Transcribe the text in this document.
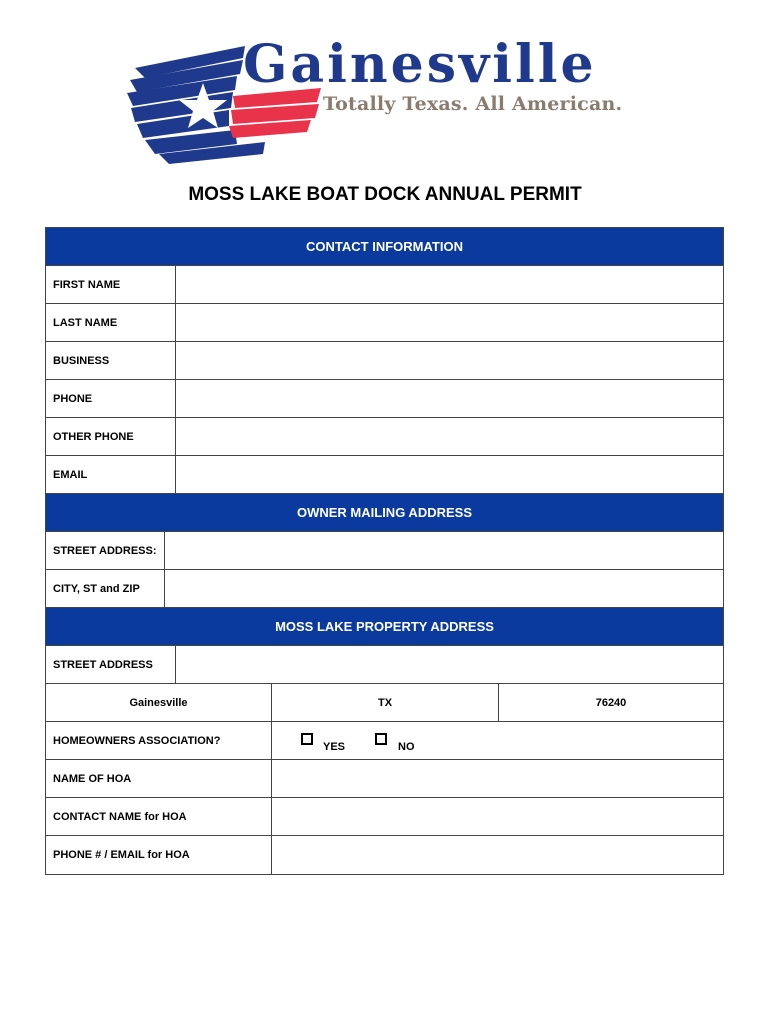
Gainesville
Totally Texas. All American.
MOSS LAKE BOAT DOCK ANNUAL PERMIT
CONTACT INFORMATION
FIRST NAME
LAST NAME
BUSINESS
PHONE
OTHER PHONE
EMAIL
OWNER MAILING ADDRESS
STREET ADDRESS:
CITY, ST and ZIP
MOSS LAKE PROPERTY ADDRESS
STREET ADDRESS
Gainesville	TX	76240
HOMEOWNERS ASSOCIATION?
YES	NO
NAME OF HOA
CONTACT NAME for HOA
PHONE # / EMAIL for HOA
